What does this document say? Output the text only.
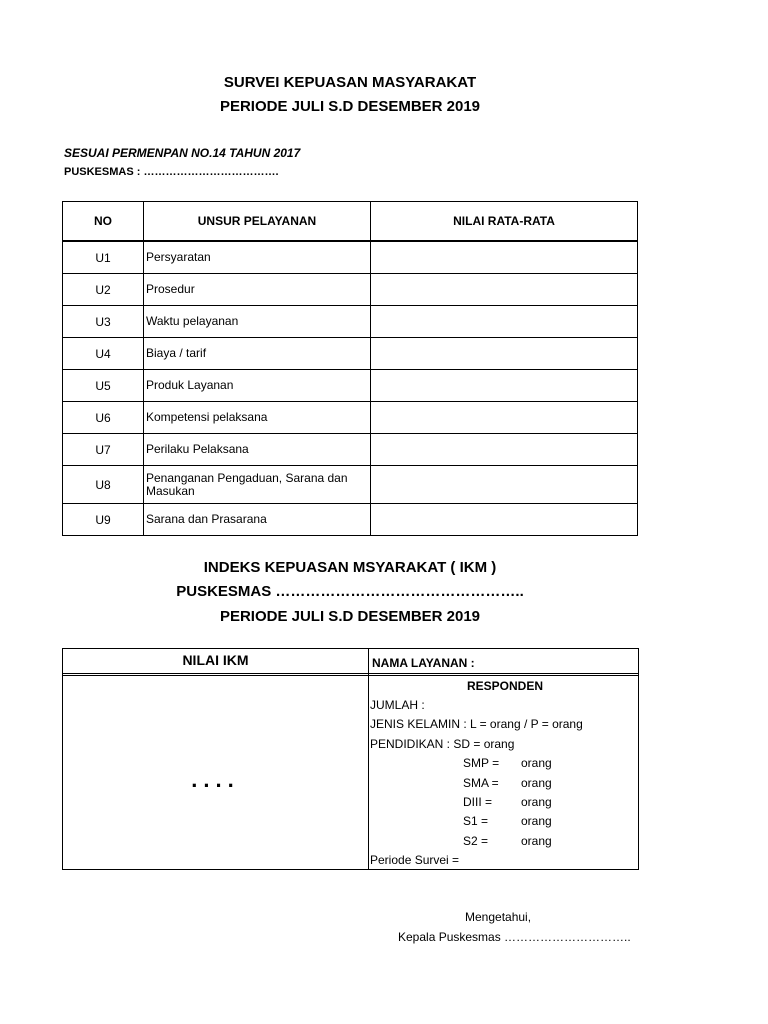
SURVEI KEPUASAN MASYARAKAT
PERIODE JULI S.D DESEMBER 2019
SESUAI PERMENPAN NO.14 TAHUN 2017
PUSKESMAS : ……………………………….
NO	UNSUR PELAYANAN	NILAI RATA-RATA
U1	Persyaratan	
U2	Prosedur	
U3	Waktu pelayanan	
U4	Biaya / tarif	
U5	Produk Layanan	
U6	Kompetensi pelaksana	
U7	Perilaku Pelaksana	
U8	Penanganan Pengaduan, Sarana dan Masukan	
U9	Sarana dan Prasarana	
INDEKS KEPUASAN MSYARAKAT ( IKM )
PUSKESMAS …………………………………………..
PERIODE JULI S.D DESEMBER 2019
NILAI IKM	NAMA LAYANAN :
....
RESPONDEN
JUMLAH :
JENIS KELAMIN : L = orang / P = orang
PENDIDIKAN : SD = orang
SMP = orang
SMA = orang
DIII = orang
S1 =	orang
S2 =	orang
Periode Survei =
Mengetahui,
Kepala Puskesmas …………………………..
